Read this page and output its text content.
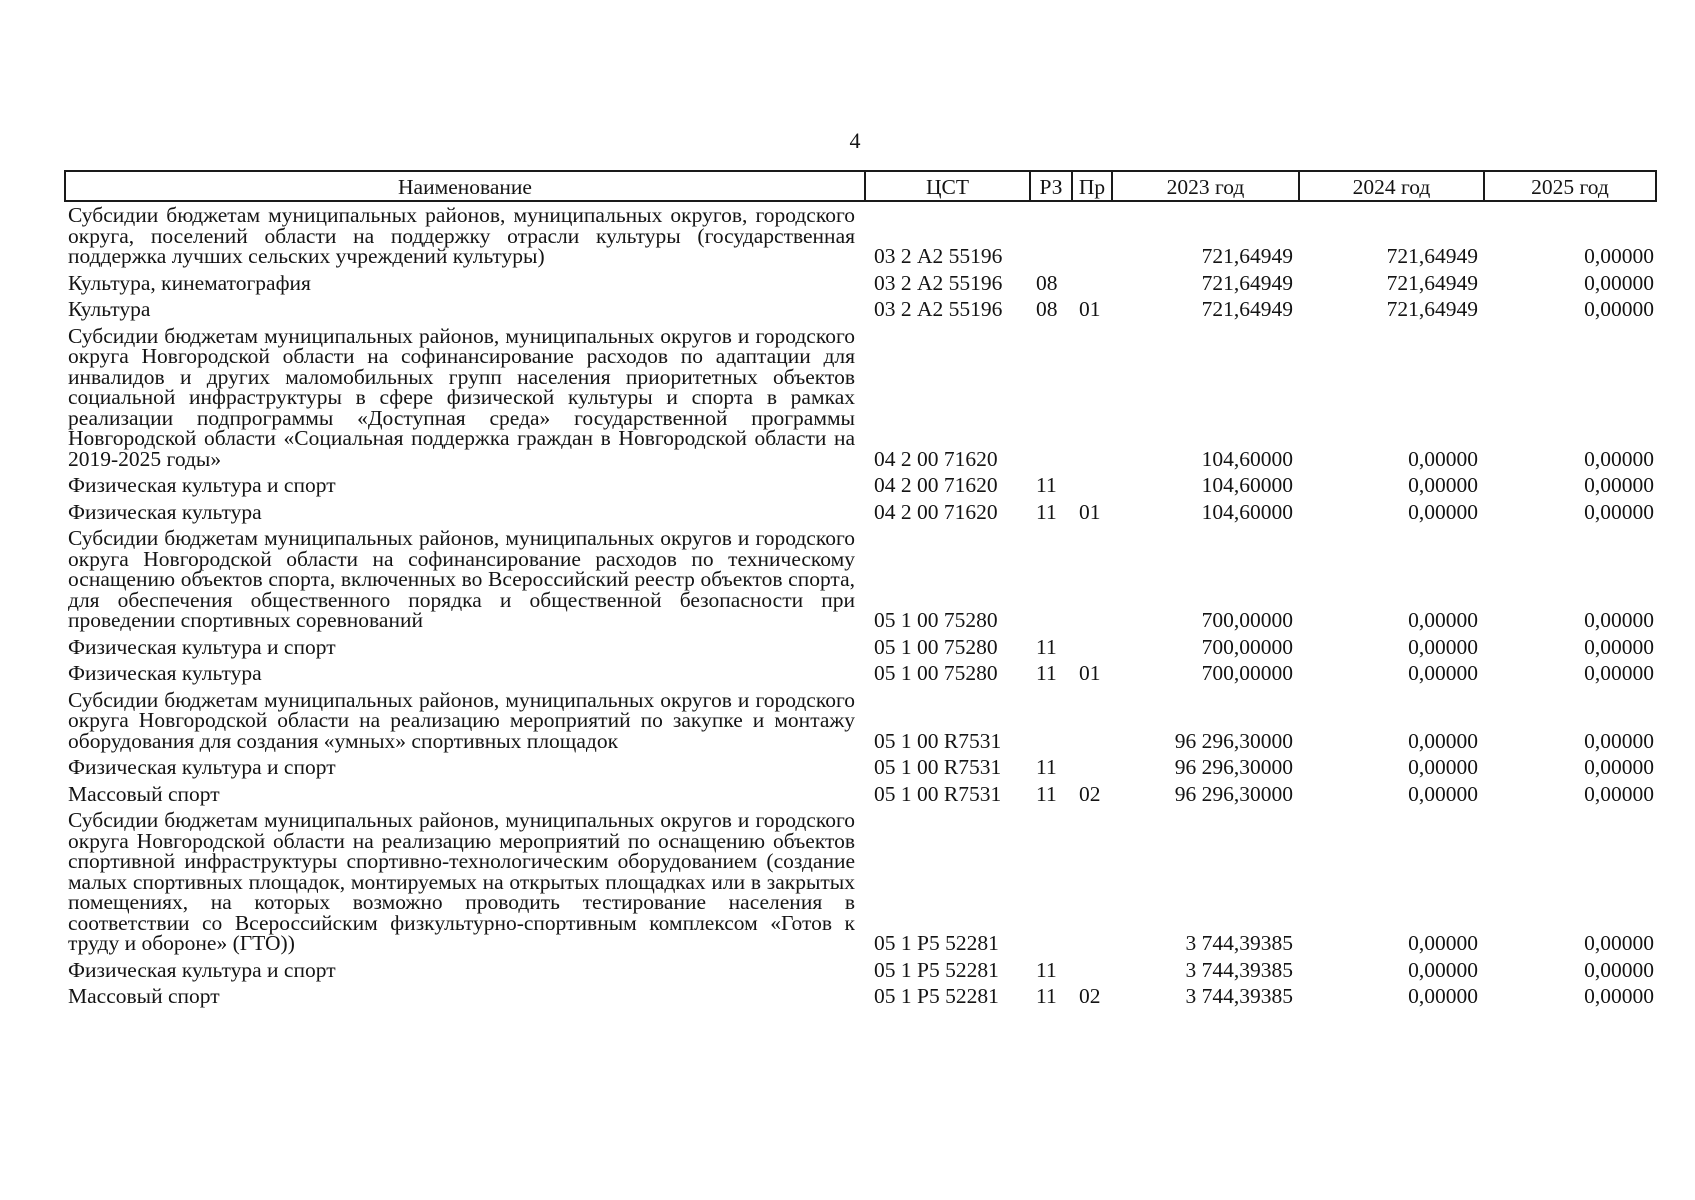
4
Наименование	ЦСТ	РЗ	Пр	2023 год	2024 год	2025 год
Субсидии бюджетам муниципальных районов, муниципальных округов, городского округа, поселений области на поддержку отрасли культуры (государственная поддержка лучших сельских учреждений культуры)	03 2 А2 55196			721,64949	721,64949	0,00000
Культура, кинематография	03 2 А2 55196	08		721,64949	721,64949	0,00000
Культура	03 2 А2 55196	08	01	721,64949	721,64949	0,00000
Субсидии бюджетам муниципальных районов, муниципальных округов и городского округа Новгородской области на софинансирование расходов по адаптации для инвалидов и других маломобильных групп населения приоритетных объектов социальной инфраструктуры в сфере физической культуры и спорта в рамках реализации подпрограммы «Доступная среда» государственной программы Новгородской области «Социальная поддержка граждан в Новгородской области на 2019-2025 годы»	04 2 00 71620			104,60000	0,00000	0,00000
Физическая культура и спорт	04 2 00 71620	11		104,60000	0,00000	0,00000
Физическая культура	04 2 00 71620	11	01	104,60000	0,00000	0,00000
Субсидии бюджетам муниципальных районов, муниципальных округов и городского округа Новгородской области на софинансирование расходов по техническому оснащению объектов спорта, включенных во Всероссийский реестр объектов спорта, для обеспечения общественного порядка и общественной безопасности при проведении спортивных соревнований	05 1 00 75280			700,00000	0,00000	0,00000
Физическая культура и спорт	05 1 00 75280	11		700,00000	0,00000	0,00000
Физическая культура	05 1 00 75280	11	01	700,00000	0,00000	0,00000
Субсидии бюджетам муниципальных районов, муниципальных округов и городского округа Новгородской области на реализацию мероприятий по закупке и монтажу оборудования для создания «умных» спортивных площадок	05 1 00 R7531			96 296,30000	0,00000	0,00000
Физическая культура и спорт	05 1 00 R7531	11		96 296,30000	0,00000	0,00000
Массовый спорт	05 1 00 R7531	11	02	96 296,30000	0,00000	0,00000
Субсидии бюджетам муниципальных районов, муниципальных округов и городского округа Новгородской области на реализацию мероприятий по оснащению объектов спортивной инфраструктуры спортивно-технологическим оборудованием (создание малых спортивных площадок, монтируемых на открытых площадках или в закрытых помещениях, на которых возможно проводить тестирование населения в соответствии со Всероссийским физкультурно-спортивным комплексом «Готов к труду и обороне» (ГТО))	05 1 P5 52281			3 744,39385	0,00000	0,00000
Физическая культура и спорт	05 1 P5 52281	11		3 744,39385	0,00000	0,00000
Массовый спорт	05 1 P5 52281	11	02	3 744,39385	0,00000	0,00000
